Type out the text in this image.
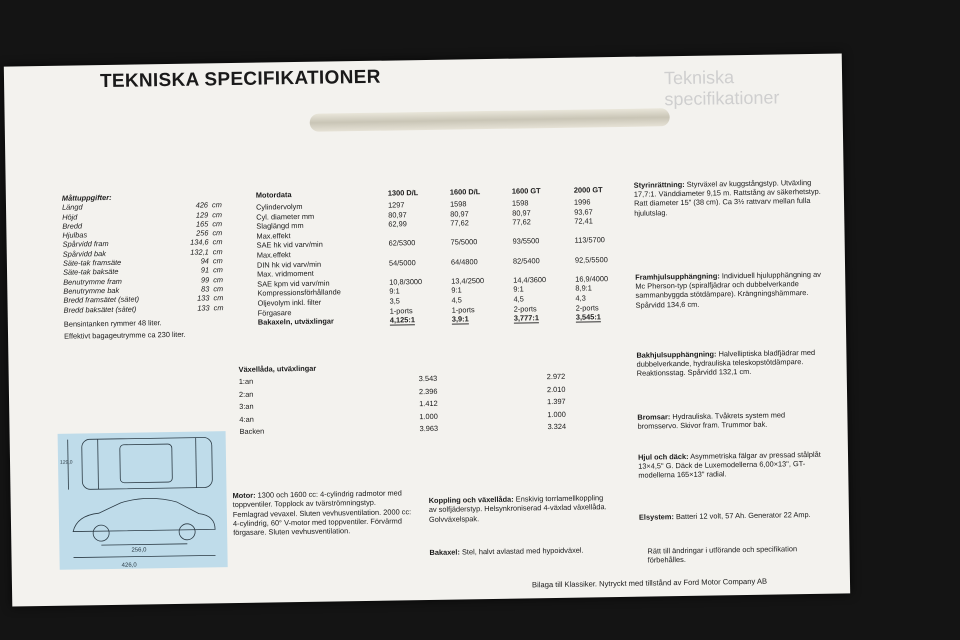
TEKNISKA SPECIFIKATIONER	Tekniska specifikationer
Måttuppgifter:
Längd	426 cm
Höjd	129 cm
Bredd	165 cm
Hjulbas	256 cm
Spårvidd fram	134,6 cm
Spårvidd bak	132,1 cm
Säte-tak framsäte	94 cm
Säte-tak baksäte	91 cm
Benutrymme fram	99 cm
Benutrymme bak	83 cm
Bredd framsätet (sätet)	133 cm
Bredd baksätet (sätet)	133 cm
Bensintanken rymmer 48 liter.
Effektivt bagageutrymme ca 230 liter.
Motordata	1300 D/L	1600 D/L	1600 GT	2000 GT
Cylindervolym	1297	1598	1598	1996
Cyl. diameter mm	80,97	80,97	80,97	93,67
Slaglängd mm	62,99	77,62	77,62	72,41

Max.effekt
SAE hk vid varv/min	62/5300	75/5000	93/5500	113/5700

Max.effekt
DIN hk vid varv/min	54/5000	64/4800	82/5400	92,5/5500

Max. vridmoment
SAE kpm vid varv/min	10,8/3000	13,4/2500	14,4/3600	16,9/4000
Kompressionsförhållande	9:1	9:1	9:1	8,9:1
Oljevolym inkl. filter	3,5	4,5	4,5	4,3
Förgasare	1-ports	1-ports	2-ports	2-ports
Bakaxeln, utväxlingar	4,125:1	3,9:1	3,777:1	3,545:1
Växellåda, utväxlingar
1:an	3.543	2.972
2:an	2.396	2.010
3:an	1.412	1.397
4:an	1.000	1.000
Backen	3.963	3.324
Styrinrättning: Styrväxel av kuggstångstyp. Utväxling 17,7:1. Vänddiameter 9,15 m. Rattstång av säkerhetstyp. Ratt diameter 15" (38 cm). Ca 3½ rattvarv mellan fulla hjulutslag.
Framhjulsupphängning: Individuell hjulupphängning av Mc Pherson-typ (spiralfjädrar och dubbelverkande sammanbyggda stötdämpare). Krängningshämmare. Spårvidd 134,6 cm.
Bakhjulsupphängning: Halvelliptiska bladfjädrar med dubbelverkande, hydrauliska teleskopstötdämpare. Reaktionsstag. Spårvidd 132,1 cm.
Bromsar: Hydrauliska. Tvåkrets system med bromsservo. Skivor fram. Trummor bak.
Hjul och däck: Asymmetriska fälgar av pressad stålplåt 13×4,5" G. Däck de Luxemodellerna 6,00×13", GT-modellerna 165×13" radial.
Elsystem: Batteri 12 volt, 57 Ah. Generator 22 Amp.
426,0
256,0
129,0
Motor: 1300 och 1600 cc: 4-cylindrig radmotor med toppventiler. Topplock av tvärströmningstyp. Femlagrad vevaxel. Sluten vevhusventilation. 2000 cc: 4-cylindrig, 60° V-motor med toppventiler. Förvärmd förgasare. Sluten vevhusventilation.
Koppling och växellåda: Enskivig torrlamellkoppling av solfjäderstyp. Helsynkroniserad 4-växlad växellåda. Golvväxelspak.
Bakaxel: Stel, halvt avlastad med hypoidväxel.	Rätt till ändringar i utförande och specifikation förbehålles.
Bilaga till Klassiker. Nytryckt med tillstånd av Ford Motor Company AB
